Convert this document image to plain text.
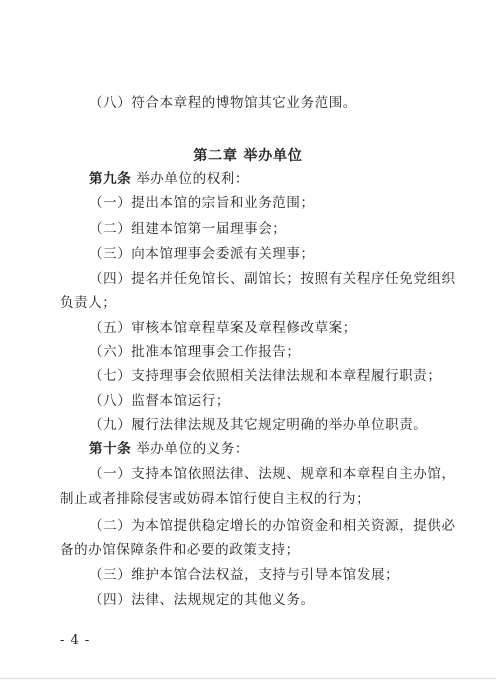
（八）符合本章程的博物馆其它业务范围。
第二章 举办单位
第九条 举办单位的权利：
（一）提出本馆的宗旨和业务范围；
（二）组建本馆第一届理事会；
（三）向本馆理事会委派有关理事；
（四）提名并任免馆长、副馆长；按照有关程序任免党组织
负责人；
（五）审核本馆章程草案及章程修改草案；
（六）批准本馆理事会工作报告；
（七）支持理事会依照相关法律法规和本章程履行职责；
（八）监督本馆运行；
（九）履行法律法规及其它规定明确的举办单位职责。
第十条 举办单位的义务：
（一）支持本馆依照法律、法规、规章和本章程自主办馆，
制止或者排除侵害或妨碍本馆行使自主权的行为；
（二）为本馆提供稳定增长的办馆资金和相关资源，提供必
备的办馆保障条件和必要的政策支持；
（三）维护本馆合法权益，支持与引导本馆发展；
（四）法律、法规规定的其他义务。
- 4 -
